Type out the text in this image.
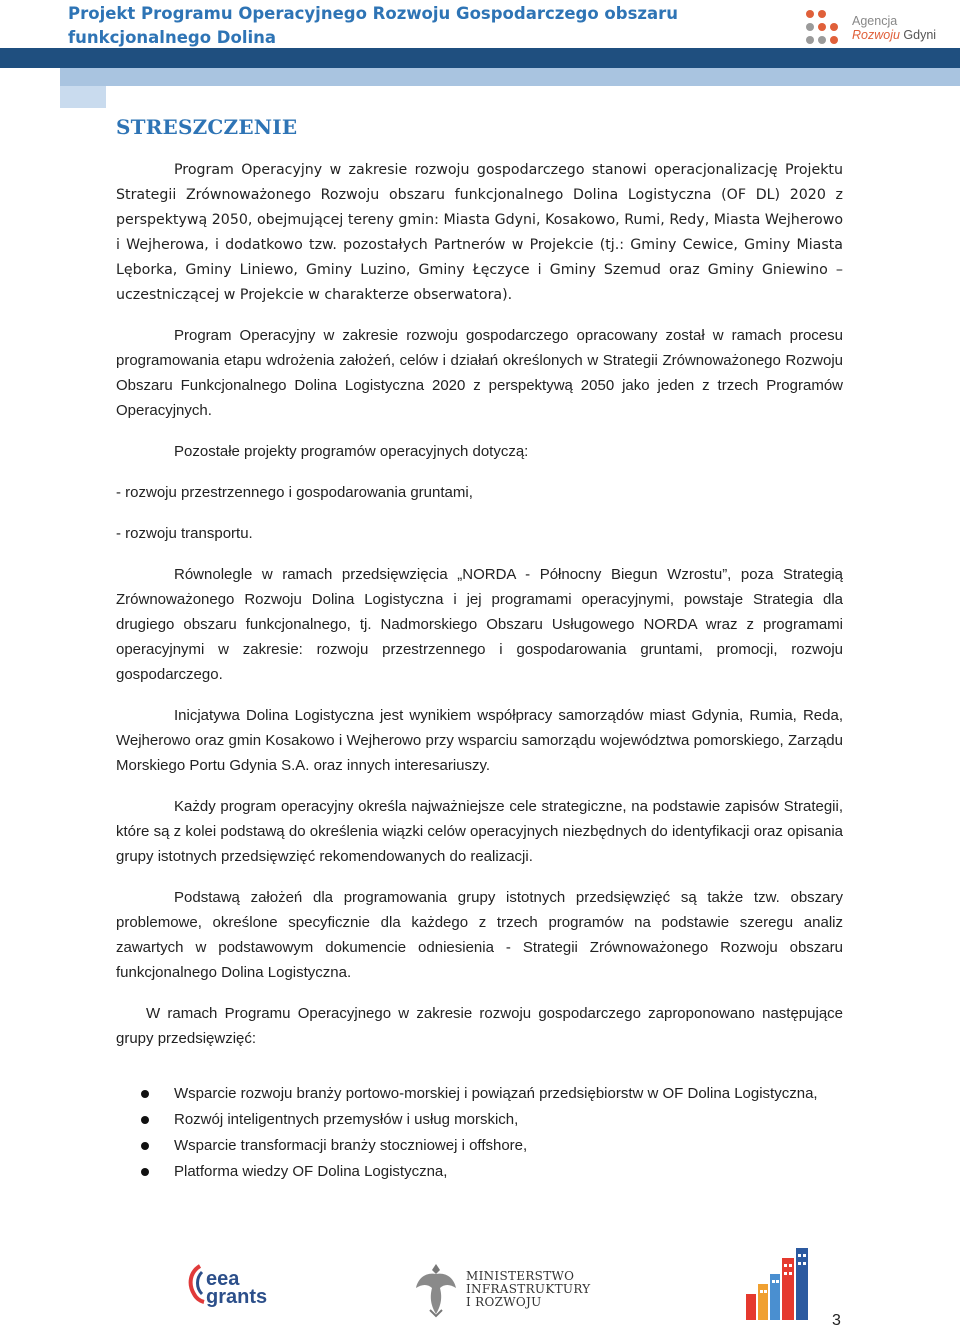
Projekt Programu Operacyjnego Rozwoju Gospodarczego obszaru funkcjonalnego Dolina
Agencja
Rozwoju Gdyni
STRESZCZENIE

Program Operacyjny w zakresie rozwoju gospodarczego stanowi operacjonalizację Projektu Strategii Zrównoważonego Rozwoju obszaru funkcjonalnego Dolina Logistyczna (OF DL) 2020 z perspektywą 2050, obejmującej tereny gmin: Miasta Gdyni, Kosakowo, Rumi, Redy, Miasta Wejherowo i Wejherowa, i dodatkowo tzw. pozostałych Partnerów w Projekcie (tj.: Gminy Cewice, Gminy Miasta Lęborka, Gminy Liniewo, Gminy Luzino, Gminy Łęczyce i Gminy Szemud oraz Gminy Gniewino – uczestniczącej w Projekcie w charakterze obserwatora).

Program Operacyjny w zakresie rozwoju gospodarczego opracowany został w ramach procesu programowania etapu wdrożenia założeń, celów i działań określonych w Strategii Zrównoważonego Rozwoju Obszaru Funkcjonalnego Dolina Logistyczna 2020 z perspektywą 2050 jako jeden z trzech Programów Operacyjnych.

Pozostałe projekty programów operacyjnych dotyczą:

- rozwoju przestrzennego i gospodarowania gruntami,

- rozwoju transportu.

Równolegle w ramach przedsięwzięcia „NORDA - Północny Biegun Wzrostu”, poza Strategią Zrównoważonego Rozwoju Dolina Logistyczna i jej programami operacyjnymi, powstaje Strategia dla drugiego obszaru funkcjonalnego, tj. Nadmorskiego Obszaru Usługowego NORDA wraz z programami operacyjnymi w zakresie: rozwoju przestrzennego i gospodarowania gruntami, promocji, rozwoju gospodarczego.

Inicjatywa Dolina Logistyczna jest wynikiem współpracy samorządów miast Gdynia, Rumia, Reda, Wejherowo oraz gmin Kosakowo i Wejherowo przy wsparciu samorządu województwa pomorskiego, Zarządu Morskiego Portu Gdynia S.A. oraz innych interesariuszy.

Każdy program operacyjny określa najważniejsze cele strategiczne, na podstawie zapisów Strategii, które są z kolei podstawą do określenia wiązki celów operacyjnych niezbędnych do identyfikacji oraz opisania grupy istotnych przedsięwzięć rekomendowanych do realizacji.

Podstawą założeń dla programowania grupy istotnych przedsięwzięć są także tzw. obszary problemowe, określone specyficznie dla każdego z trzech programów na podstawie szeregu analiz zawartych w podstawowym dokumencie odniesienia - Strategii Zrównoważonego Rozwoju obszaru funkcjonalnego Dolina Logistyczna.

W ramach Programu Operacyjnego w zakresie rozwoju gospodarczego zaproponowano następujące grupy przedsięwzięć:

Wsparcie rozwoju branży portowo-morskiej i powiązań przedsiębiorstw w OF Dolina Logistyczna,
Rozwój inteligentnych przemysłów i usług morskich,
Wsparcie transformacji branży stoczniowej i offshore,
Platforma wiedzy OF Dolina Logistyczna,
eea
grants
MINISTERSTWO
INFRASTRUKTURY
I ROZWOJU
3
